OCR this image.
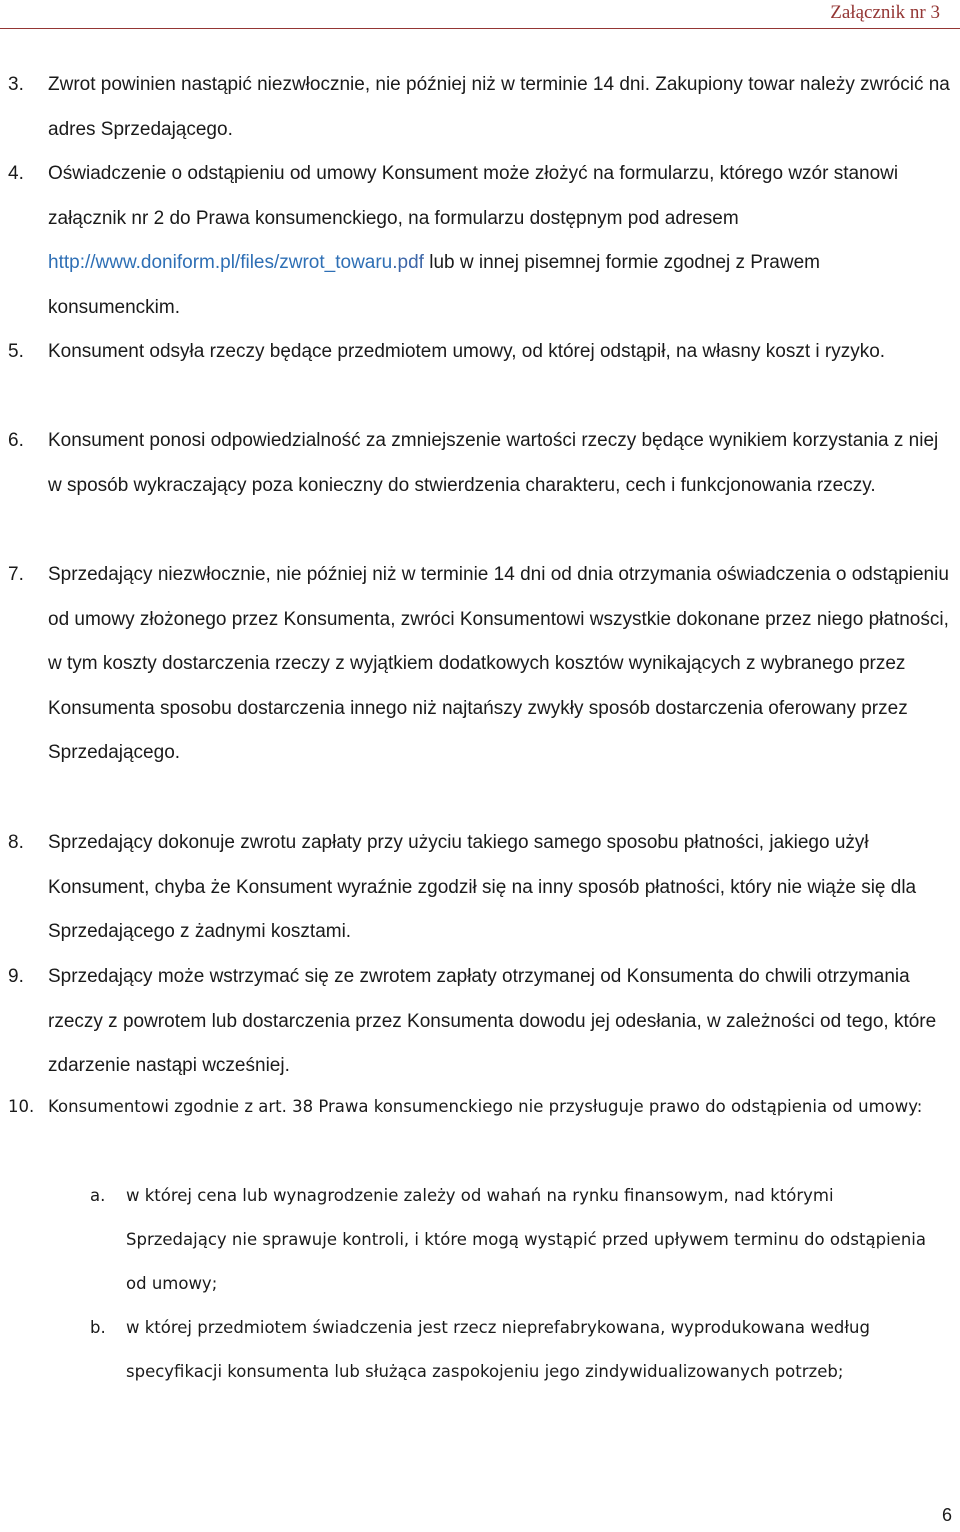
Załącznik nr 3
3. Zwrot powinien nastąpić niezwłocznie, nie później niż w terminie 14 dni. Zakupiony towar należy zwrócić na adres Sprzedającego.
4. Oświadczenie o odstąpieniu od umowy Konsument może złożyć na formularzu, którego wzór stanowi załącznik nr 2 do Prawa konsumenckiego, na formularzu dostępnym pod adresem http://www.doniform.pl/files/zwrot_towaru.pdf lub w innej pisemnej formie zgodnej z Prawem konsumenckim.
5. Konsument odsyła rzeczy będące przedmiotem umowy, od której odstąpił, na własny koszt i ryzyko.
6. Konsument ponosi odpowiedzialność za zmniejszenie wartości rzeczy będące wynikiem korzystania z niej w sposób wykraczający poza konieczny do stwierdzenia charakteru, cech i funkcjonowania rzeczy.
7. Sprzedający niezwłocznie, nie później niż w terminie 14 dni od dnia otrzymania oświadczenia o odstąpieniu od umowy złożonego przez Konsumenta, zwróci Konsumentowi wszystkie dokonane przez niego płatności, w tym koszty dostarczenia rzeczy z wyjątkiem dodatkowych kosztów wynikających z wybranego przez Konsumenta sposobu dostarczenia innego niż najtańszy zwykły sposób dostarczenia oferowany przez Sprzedającego.
8. Sprzedający dokonuje zwrotu zapłaty przy użyciu takiego samego sposobu płatności, jakiego użył Konsument, chyba że Konsument wyraźnie zgodził się na inny sposób płatności, który nie wiąże się dla Sprzedającego z żadnymi kosztami.
9. Sprzedający może wstrzymać się ze zwrotem zapłaty otrzymanej od Konsumenta do chwili otrzymania rzeczy z powrotem lub dostarczenia przez Konsumenta dowodu jej odesłania, w zależności od tego, które zdarzenie nastąpi wcześniej.
10. Konsumentowi zgodnie z art. 38 Prawa konsumenckiego nie przysługuje prawo do odstąpienia od umowy:
a. w której cena lub wynagrodzenie zależy od wahań na rynku finansowym, nad którymi Sprzedający nie sprawuje kontroli, i które mogą wystąpić przed upływem terminu do odstąpienia od umowy;
b. w której przedmiotem świadczenia jest rzecz nieprefabrykowana, wyprodukowana według specyfikacji konsumenta lub służąca zaspokojeniu jego zindywidualizowanych potrzeb;
6
